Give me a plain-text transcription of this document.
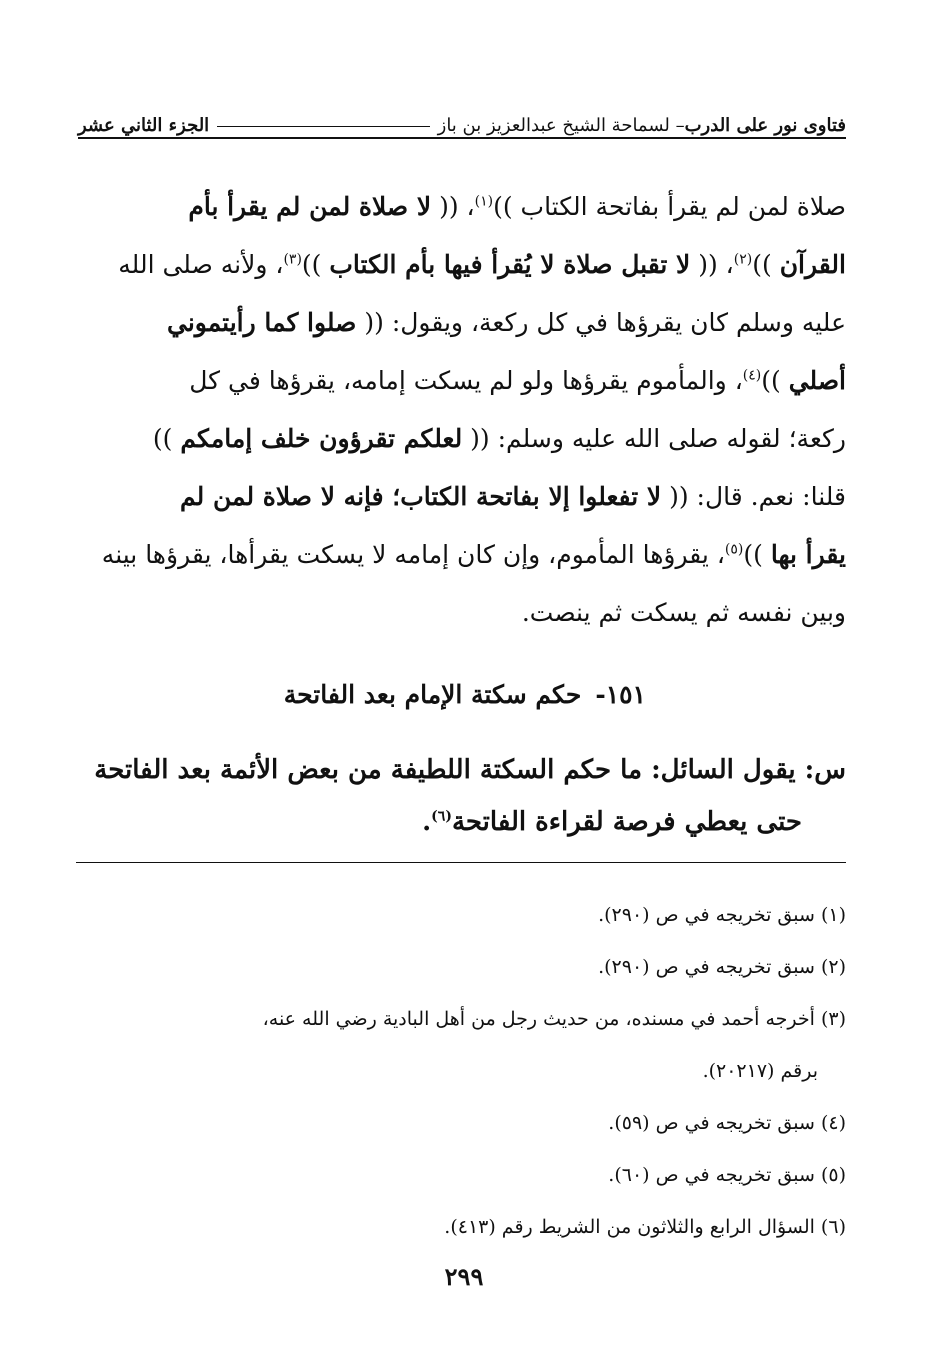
فتاوى نور على الدرب
– لسماحة الشيخ عبدالعزيز بن باز
الجزء الثاني عشر

صلاة لمن لم يقرأ بفاتحة الكتاب ))$^{(١)}$، (( لا صلاة لمن لم يقرأ بأم

القرآن ))$^{(٢)}$، (( لا تقبل صلاة لا يُقرأ فيها بأم الكتاب ))$^{(٣)}$، ولأنه صلى الله

عليه وسلم كان يقرؤها في كل ركعة، ويقول: (( صلوا كما رأيتموني

أصلي ))$^{(٤)}$، والمأموم يقرؤها ولو لم يسكت إمامه، يقرؤها في كل

ركعة؛ لقوله صلى الله عليه وسلم: (( لعلكم تقرؤون خلف إمامكم ))

قلنا: نعم. قال: (( لا تفعلوا إلا بفاتحة الكتاب؛ فإنه لا صلاة لمن لم

يقرأ بها ))$^{(٥)}$، يقرؤها المأموم، وإن كان إمامه لا يسكت يقرأها، يقرؤها بينه

وبين نفسه ثم يسكت ثم ينصت.

١٥١-حكم سكتة الإمام بعد الفاتحة

س: يقول السائل: ما حكم السكتة اللطيفة من بعض الأئمة بعد الفاتحة

حتى يعطي فرصة لقراءة الفاتحة$^{(٦)}$.

(١) سبق تخريجه في ص (٢٩٠).

(٢) سبق تخريجه في ص (٢٩٠).

(٣) أخرجه أحمد في مسنده، من حديث رجل من أهل البادية رضي الله عنه،

برقم (٢٠٢١٧).

(٤) سبق تخريجه في ص (٥٩).

(٥) سبق تخريجه في ص (٦٠).

(٦) السؤال الرابع والثلاثون من الشريط رقم (٤١٣).

٢٩٩
